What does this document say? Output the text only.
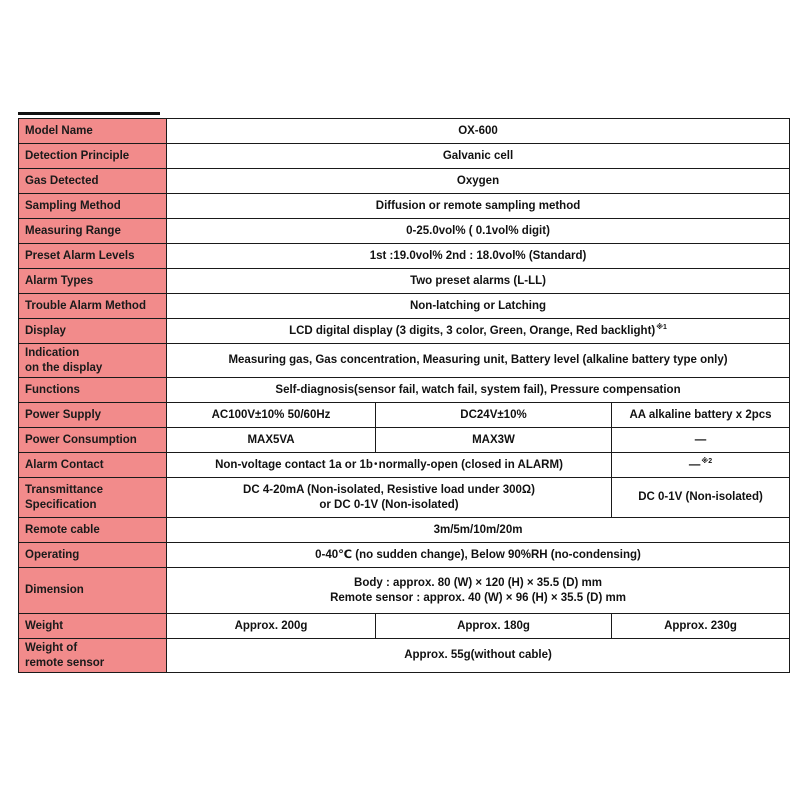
Model Name	OX-600		
Detection Principle	Galvanic cell		
Gas Detected	Oxygen		
Sampling Method	Diffusion or remote sampling method		
Measuring Range	0-25.0vol% ( 0.1vol% digit)		
Preset Alarm Levels	1st :19.0vol% 2nd : 18.0vol% (Standard)		
Alarm Types	Two preset alarms (L-LL)		
Trouble Alarm Method	Non-latching or Latching		
Display	LCD digital display (3 digits, 3 color, Green, Orange, Red backlight)$^{※1}$

Indication
on the display	Measuring gas, Gas concentration, Measuring unit, Battery level (alkaline battery type only)		
Functions	Self-diagnosis(sensor fail, watch fail, system fail), Pressure compensation		
Power Supply	AC100V±10% 50/60Hz	DC24V±10%	AA alkaline battery x 2pcs
Power Consumption	MAX5VA	MAX3W	—
Alarm Contact	Non-voltage contact 1a or 1b･normally-open (closed in ALARM)		—$^{※2}$

Transmittance
Specification	DC 4-20mA (Non-isolated, Resistive load under 300Ω)
or DC 0-1V (Non-isolated)		DC 0-1V (Non-isolated)
Remote cable	3m/5m/10m/20m		
Operating	0-40℃ (no sudden change), Below 90%RH (no-condensing)		
Dimension	Body : approx. 80 (W) × 120 (H) × 35.5 (D) mm
Remote sensor : approx. 40 (W) × 96 (H) × 35.5 (D) mm		

Weight	Approx. 200g	Approx. 180g	Approx. 230g

Weight of
remote sensor	Approx. 55g(without cable)		
